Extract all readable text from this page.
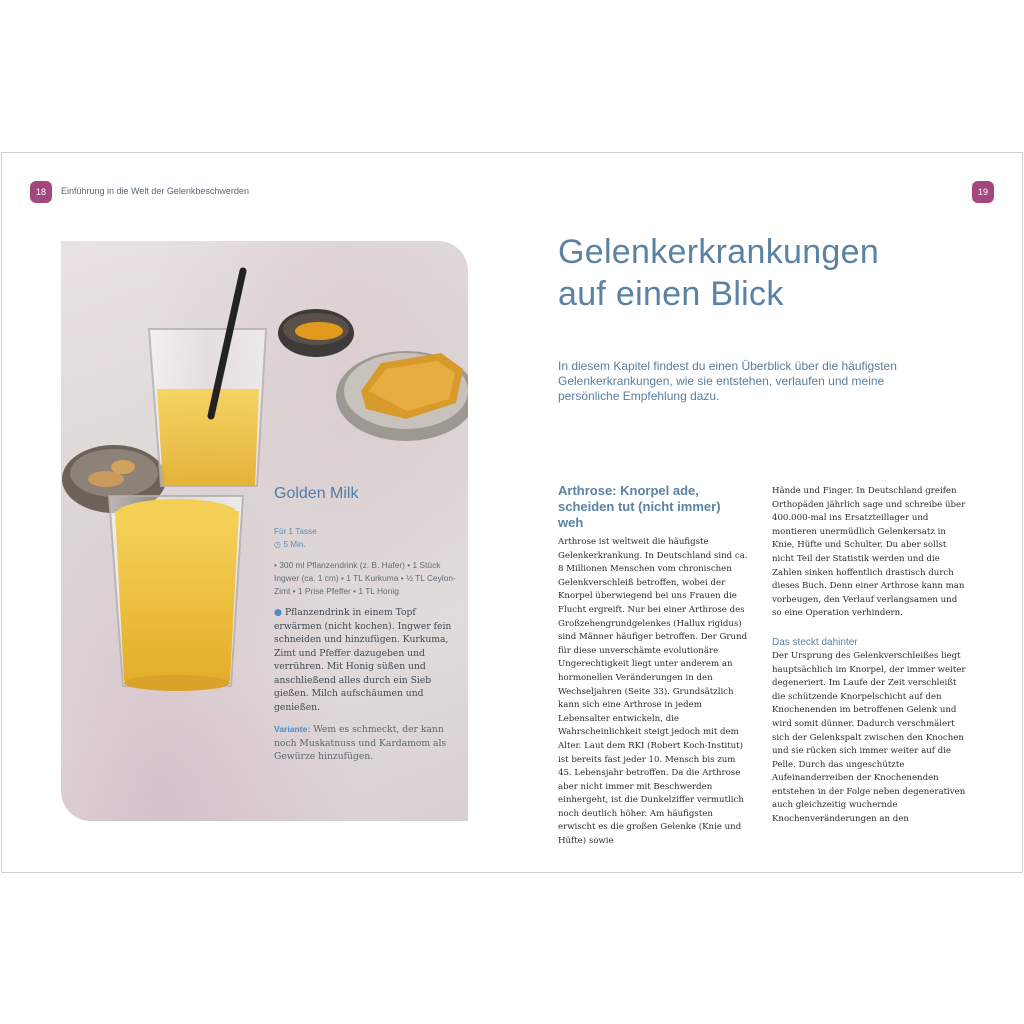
18	Einführung in die Welt der Gelenkbeschwerden
Golden Milk
Für 1 Tasse
◷ 5 Min.
• 300 ml Pflanzendrink (z. B. Hafer) • 1 Stück Ingwer (ca. 1 cm) • 1 TL Kurkuma • ½ TL Ceylon-Zimt • 1 Prise Pfeffer • 1 TL Honig
● Pflanzendrink in einem Topf erwärmen (nicht kochen). Ingwer fein schneiden und hinzufügen. Kurkuma, Zimt und Pfeffer dazugeben und verrühren. Mit Honig süßen und anschließend alles durch ein Sieb gießen. Milch aufschäumen und genießen.
Variante: Wem es schmeckt, der kann noch Muskatnuss und Kardamom als Gewürze hinzufügen.
19
Gelenkerkrankungen
auf einen Blick

In diesem Kapitel findest du einen Überblick über die häufigsten Gelenkerkrankungen, wie sie entstehen, verlaufen und meine persönliche Empfehlung dazu.

Arthrose: Knorpel ade, scheiden tut (nicht immer) weh

Arthrose ist weltweit die häufigste Gelenkerkrankung. In Deutschland sind ca. 8 Millionen Menschen vom chronischen Gelenkverschleiß betroffen, wobei der Knorpel überwiegend bei uns Frauen die Flucht ergreift. Nur bei einer Arthrose des Großzehengrundgelenkes (Hallux rigidus) sind Männer häufiger betroffen. Der Grund für diese unverschämte evolutionäre Ungerechtigkeit liegt unter anderem an hormonellen Veränderungen in den Wechseljahren (Seite 33). Grundsätzlich kann sich eine Arthrose in jedem Lebensalter entwickeln, die Wahrscheinlichkeit steigt jedoch mit dem Alter. Laut dem RKI (Robert Koch-Institut) ist bereits fast jeder 10. Mensch bis zum 45. Lebensjahr betroffen. Da die Arthrose aber nicht immer mit Beschwerden einhergeht, ist die Dunkelziffer vermutlich noch deutlich höher. Am häufigsten erwischt es die großen Gelenke (Knie und Hüfte) sowie

Hände und Finger. In Deutschland greifen Orthopäden jährlich sage und schreibe über 400.000-mal ins Ersatzteillager und montieren unermüdlich Gelenkersatz in Knie, Hüfte und Schulter. Du aber sollst nicht Teil der Statistik werden und die Zahlen sinken hoffentlich drastisch durch dieses Buch. Denn einer Arthrose kann man vorbeugen, den Verlauf verlangsamen und so eine Operation verhindern.

Das steckt dahinter

Der Ursprung des Gelenkverschleißes liegt hauptsächlich im Knorpel, der immer weiter degeneriert. Im Laufe der Zeit verschleißt die schützende Knorpelschicht auf den Knochenenden im betroffenen Gelenk und wird somit dünner. Dadurch verschmälert sich der Gelenkspalt zwischen den Knochen und sie rücken sich immer weiter auf die Pelle. Durch das ungeschützte Aufeinanderreiben der Knochenenden entstehen in der Folge neben degenerativen auch gleichzeitig wuchernde Knochenveränderungen an den
